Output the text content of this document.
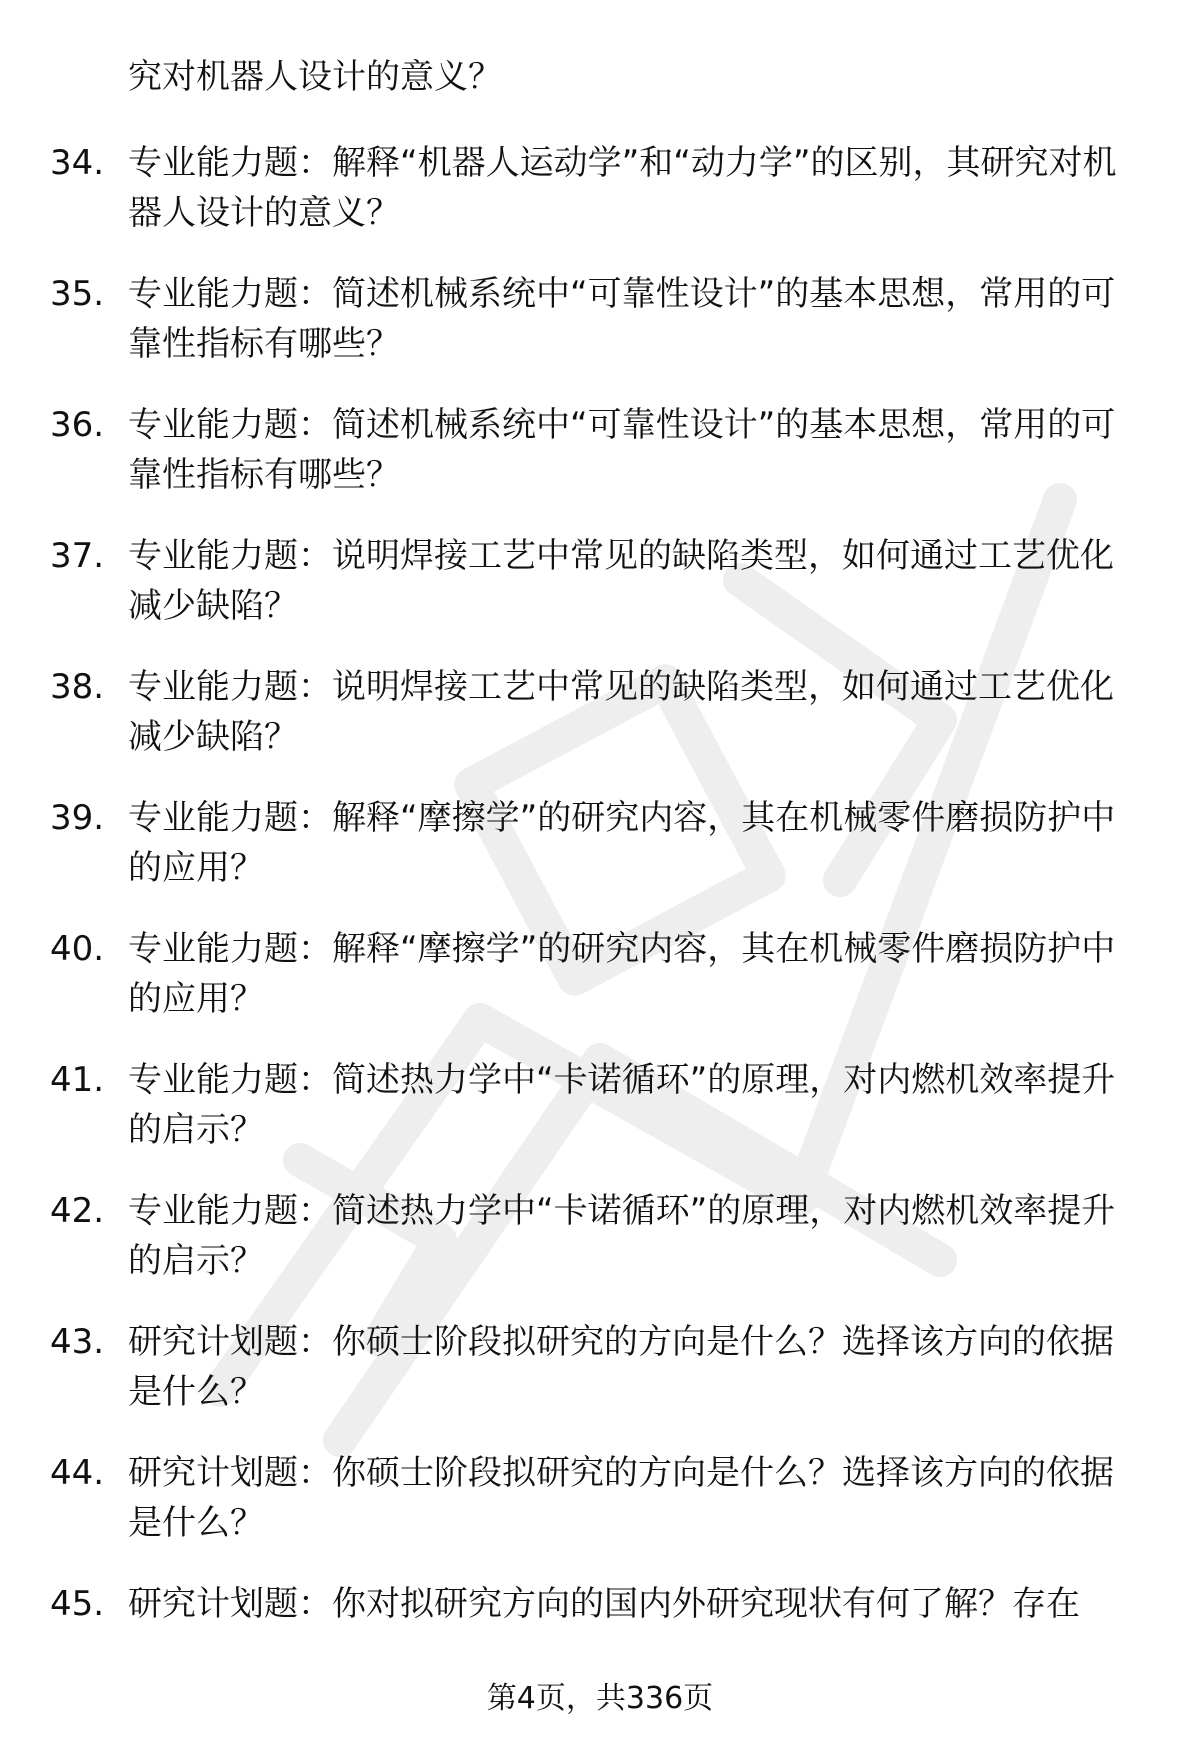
究对机器人设计的意义？
34. 专业能力题：解释“机器人运动学”和“动力学”的区别，其研究对机器人设计的意义？
35. 专业能力题：简述机械系统中“可靠性设计”的基本思想，常用的可靠性指标有哪些？
36. 专业能力题：简述机械系统中“可靠性设计”的基本思想，常用的可靠性指标有哪些？
37. 专业能力题：说明焊接工艺中常见的缺陷类型，如何通过工艺优化减少缺陷？
38. 专业能力题：说明焊接工艺中常见的缺陷类型，如何通过工艺优化减少缺陷？
39. 专业能力题：解释“摩擦学”的研究内容，其在机械零件磨损防护中的应用？
40. 专业能力题：解释“摩擦学”的研究内容，其在机械零件磨损防护中的应用？
41. 专业能力题：简述热力学中“卡诺循环”的原理，对内燃机效率提升的启示？
42. 专业能力题：简述热力学中“卡诺循环”的原理，对内燃机效率提升的启示？
43. 研究计划题：你硕士阶段拟研究的方向是什么？选择该方向的依据是什么？
44. 研究计划题：你硕士阶段拟研究的方向是什么？选择该方向的依据是什么？
45. 研究计划题：你对拟研究方向的国内外研究现状有何了解？存在
第4页，共336页
